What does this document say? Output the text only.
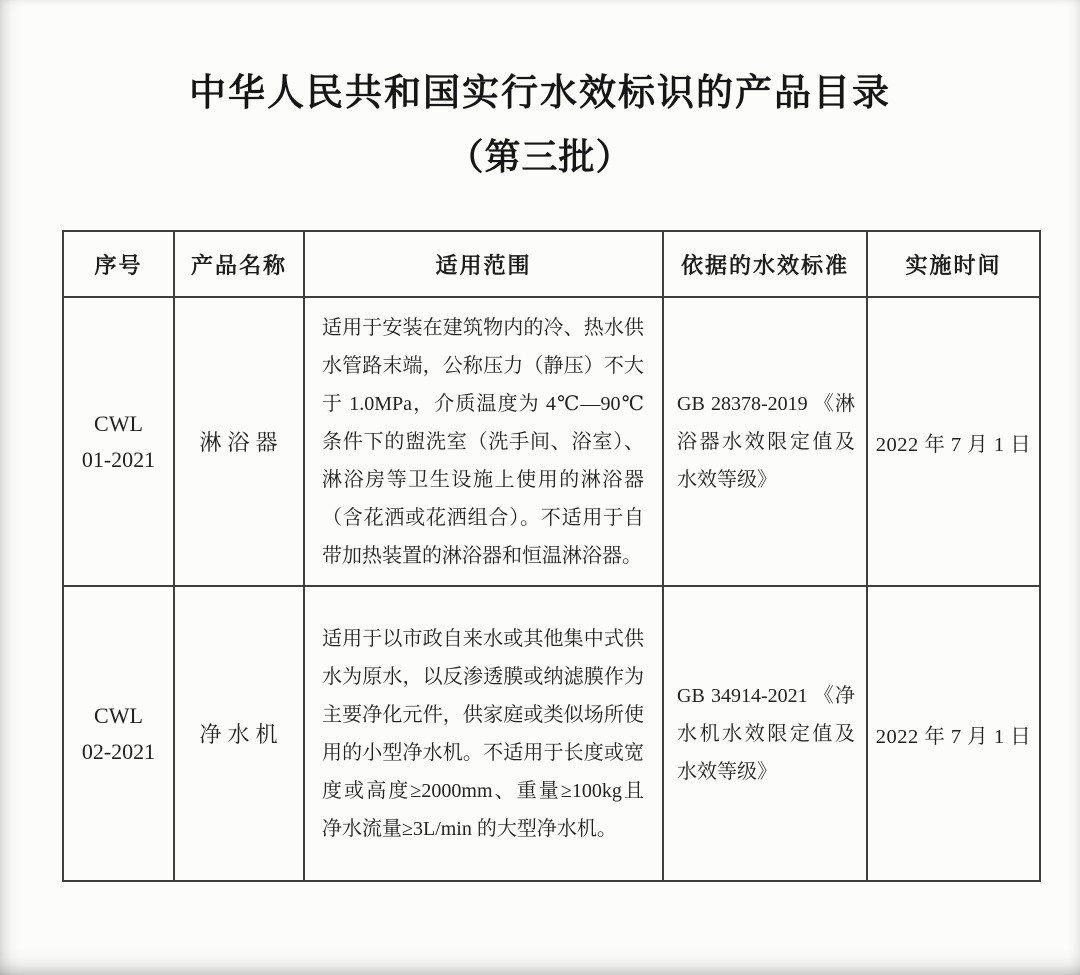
中华人民共和国实行水效标识的产品目录
（第三批）
序号	产品名称	适用范围	依据的水效标准	实施时间

CWL
01-2021	淋浴器	适用于安装在建筑物内的冷、热水供水管路末端，公称压力（静压）不大于 1.0MPa，介质温度为 4℃—90℃条件下的盥洗室（洗手间、浴室）、淋浴房等卫生设施上使用的淋浴器（含花洒或花洒组合）。不适用于自带加热装置的淋浴器和恒温淋浴器。	GB 28378-2019 《淋浴器水效限定值及水效等级》	2022 年 7 月 1 日

CWL
02-2021	净水机	适用于以市政自来水或其他集中式供水为原水，以反渗透膜或纳滤膜作为主要净化元件，供家庭或类似场所使用的小型净水机。不适用于长度或宽度或高度≥2000mm、重量≥100kg且净水流量≥3L/min 的大型净水机。	GB 34914-2021 《净水机水效限定值及水效等级》	2022 年 7 月 1 日
